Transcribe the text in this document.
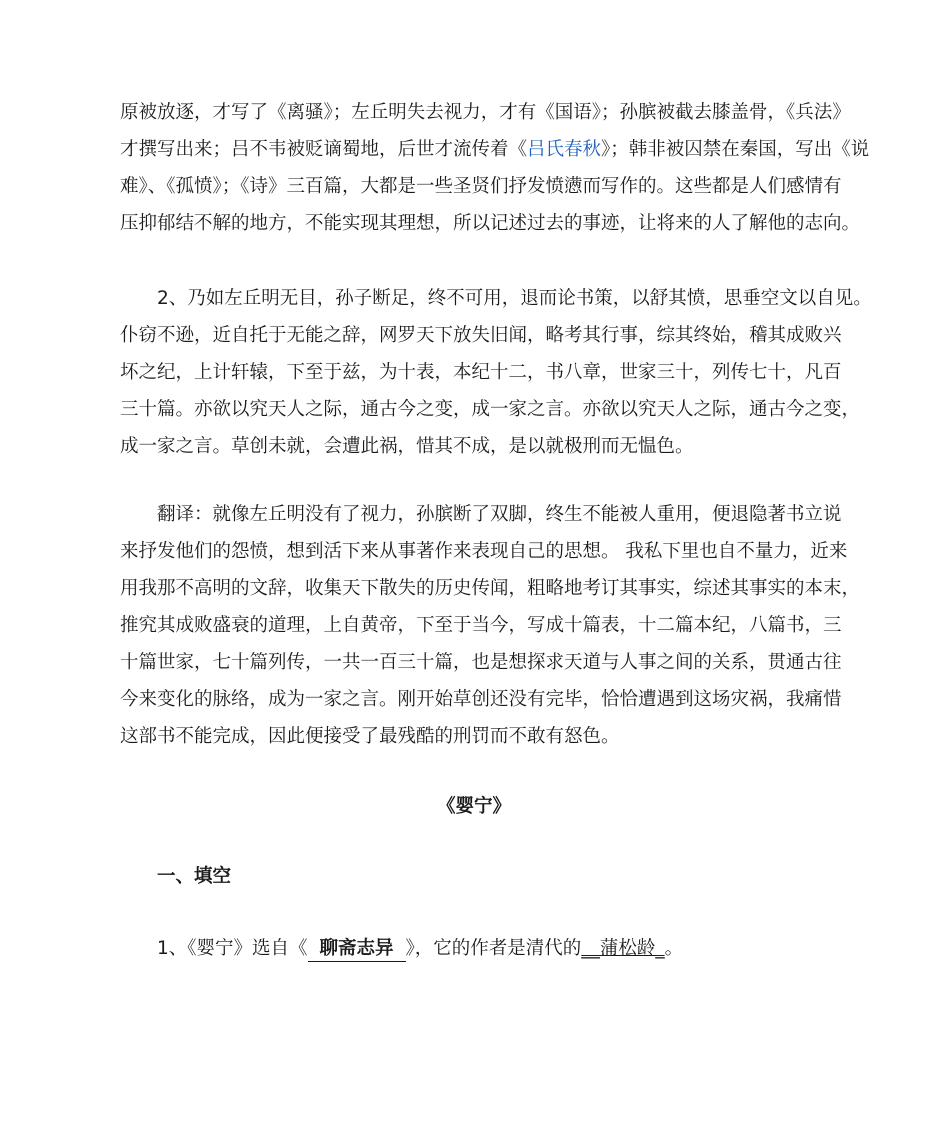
原被放逐，才写了《离骚》；左丘明失去视力，才有《国语》；孙膑被截去膝盖骨，《兵法》
才撰写出来；吕不韦被贬谪蜀地，后世才流传着《吕氏春秋》；韩非被囚禁在秦国，写出《说
难》、《孤愤》；《诗》三百篇，大都是一些圣贤们抒发愤懑而写作的。这些都是人们感情有
压抑郁结不解的地方，不能实现其理想，所以记述过去的事迹，让将来的人了解他的志向。
　　2、乃如左丘明无目，孙子断足，终不可用，退而论书策，以舒其愤，思垂空文以自见。
仆窃不逊，近自托于无能之辞，网罗天下放失旧闻，略考其行事，综其终始，稽其成败兴
坏之纪，上计轩辕，下至于兹，为十表，本纪十二，书八章，世家三十，列传七十，凡百
三十篇。亦欲以究天人之际，通古今之变，成一家之言。亦欲以究天人之际，通古今之变，
成一家之言。草创未就，会遭此祸，惜其不成，是以就极刑而无愠色。
　　翻译：就像左丘明没有了视力，孙膑断了双脚，终生不能被人重用，便退隐著书立说
来抒发他们的怨愤，想到活下来从事著作来表现自己的思想。 我私下里也自不量力，近来
用我那不高明的文辞，收集天下散失的历史传闻，粗略地考订其事实，综述其事实的本末，
推究其成败盛衰的道理，上自黄帝，下至于当今，写成十篇表，十二篇本纪，八篇书，三
十篇世家，七十篇列传，一共一百三十篇，也是想探求天道与人事之间的关系，贯通古往
今来变化的脉络，成为一家之言。刚开始草创还没有完毕，恰恰遭遇到这场灾祸，我痛惜
这部书不能完成，因此便接受了最残酷的刑罚而不敢有怒色。
《婴宁》
一、填空
1、《婴宁》选自《 聊斋志异 》，它的作者是清代的__蒲松龄_。
